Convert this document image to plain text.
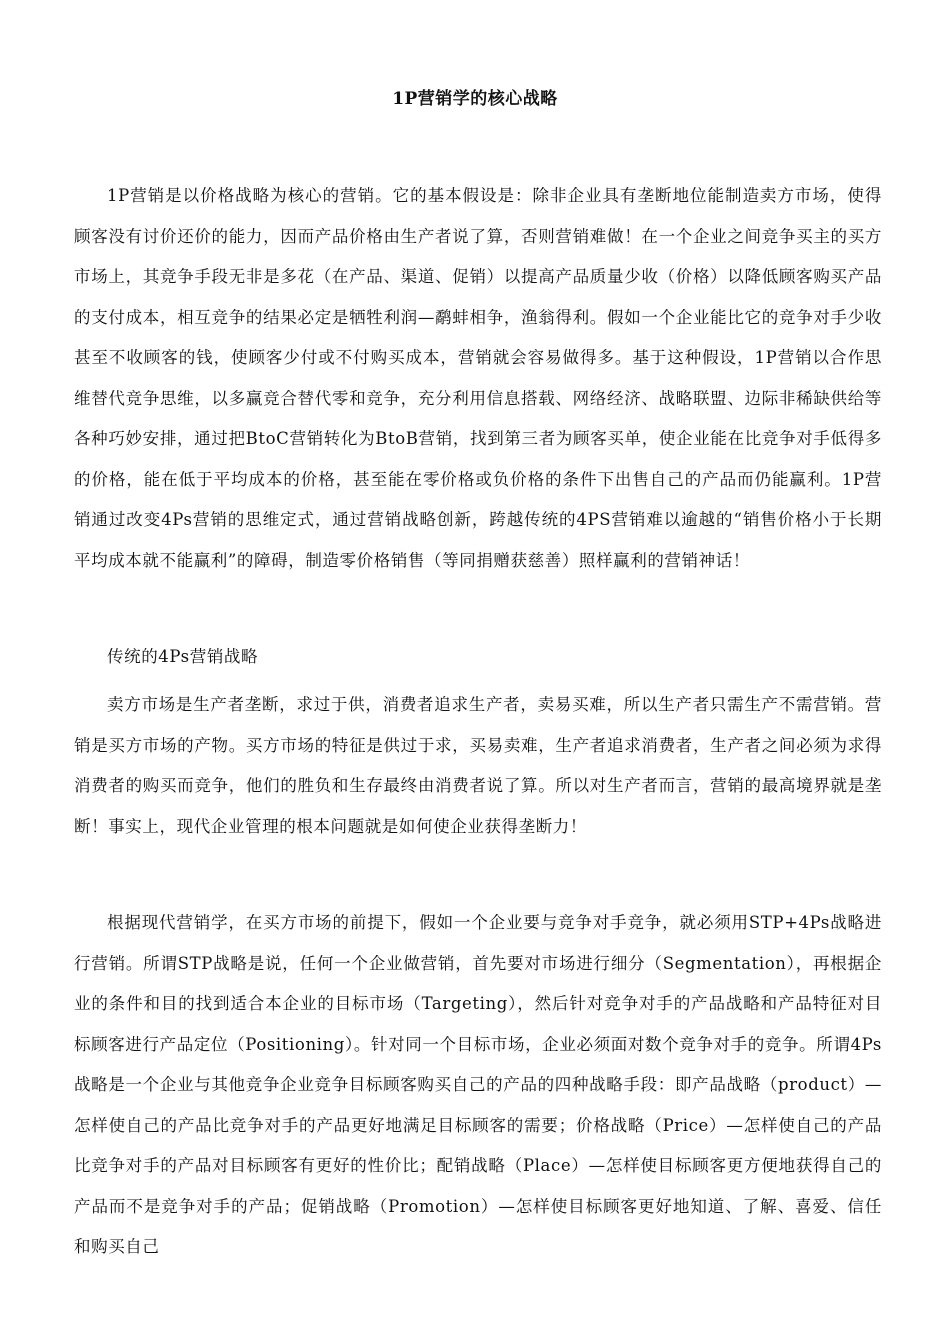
1P营销学的核心战略

1P营销是以价格战略为核心的营销。它的基本假设是：除非企业具有垄断地位能制造卖方市场，使得顾客没有讨价还价的能力，因而产品价格由生产者说了算，否则营销难做！在一个企业之间竞争买主的买方市场上，其竞争手段无非是多花（在产品、渠道、促销）以提高产品质量少收（价格）以降低顾客购买产品的支付成本，相互竞争的结果必定是牺牲利润—鹬蚌相争，渔翁得利。假如一个企业能比它的竞争对手少收甚至不收顾客的钱，使顾客少付或不付购买成本，营销就会容易做得多。基于这种假设，1P营销以合作思维替代竞争思维，以多赢竞合替代零和竞争，充分利用信息搭载、网络经济、战略联盟、边际非稀缺供给等各种巧妙安排，通过把BtoC营销转化为BtoB营销，找到第三者为顾客买单，使企业能在比竞争对手低得多的价格，能在低于平均成本的价格，甚至能在零价格或负价格的条件下出售自己的产品而仍能赢利。1P营销通过改变4Ps营销的思维定式，通过营销战略创新，跨越传统的4PS营销难以逾越的“销售价格小于长期平均成本就不能赢利”的障碍，制造零价格销售（等同捐赠获慈善）照样赢利的营销神话！

传统的4Ps营销战略

卖方市场是生产者垄断，求过于供，消费者追求生产者，卖易买难，所以生产者只需生产不需营销。营销是买方市场的产物。买方市场的特征是供过于求，买易卖难，生产者追求消费者，生产者之间必须为求得消费者的购买而竞争，他们的胜负和生存最终由消费者说了算。所以对生产者而言，营销的最高境界就是垄断！事实上，现代企业管理的根本问题就是如何使企业获得垄断力！

根据现代营销学，在买方市场的前提下，假如一个企业要与竞争对手竞争，就必须用STP+4Ps战略进行营销。所谓STP战略是说，任何一个企业做营销，首先要对市场进行细分（Segmentation），再根据企业的条件和目的找到适合本企业的目标市场（Targeting），然后针对竞争对手的产品战略和产品特征对目标顾客进行产品定位（Positioning）。针对同一个目标市场，企业必须面对数个竞争对手的竞争。所谓4Ps战略是一个企业与其他竞争企业竞争目标顾客购买自己的产品的四种战略手段：即产品战略（product）—怎样使自己的产品比竞争对手的产品更好地满足目标顾客的需要；价格战略（Price）—怎样使自己的产品比竞争对手的产品对目标顾客有更好的性价比；配销战略（Place）—怎样使目标顾客更方便地获得自己的产品而不是竞争对手的产品；促销战略（Promotion）—怎样使目标顾客更好地知道、了解、喜爱、信任和购买自己
